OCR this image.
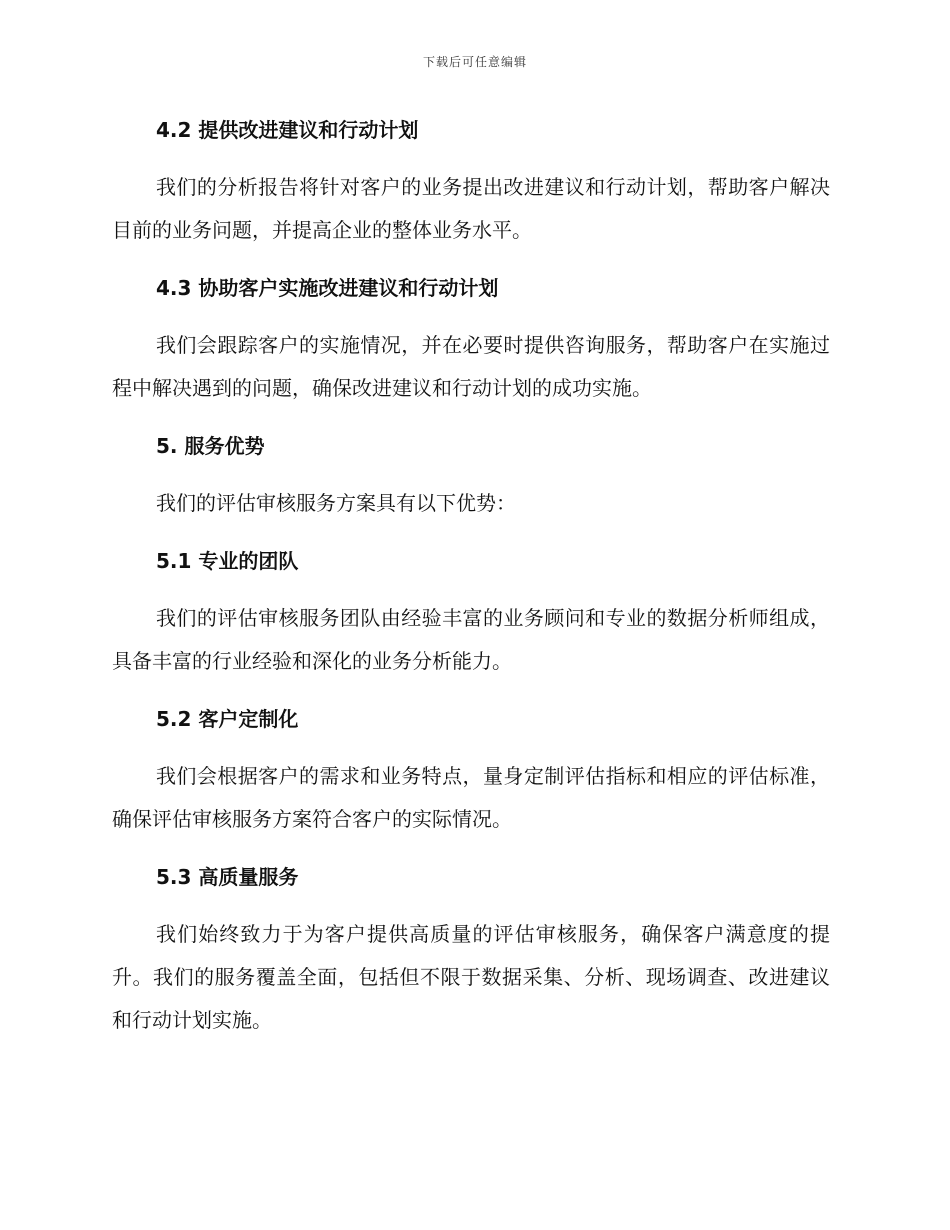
下载后可任意编辑
4.2 提供改进建议和行动计划

我们的分析报告将针对客户的业务提出改进建议和行动计划，帮助客户解决目前的业务问题，并提高企业的整体业务水平。

4.3 协助客户实施改进建议和行动计划

我们会跟踪客户的实施情况，并在必要时提供咨询服务，帮助客户在实施过程中解决遇到的问题，确保改进建议和行动计划的成功实施。

5. 服务优势

我们的评估审核服务方案具有以下优势：

5.1 专业的团队

我们的评估审核服务团队由经验丰富的业务顾问和专业的数据分析师组成，具备丰富的行业经验和深化的业务分析能力。

5.2 客户定制化

我们会根据客户的需求和业务特点，量身定制评估指标和相应的评估标准，确保评估审核服务方案符合客户的实际情况。

5.3 高质量服务

我们始终致力于为客户提供高质量的评估审核服务，确保客户满意度的提升。我们的服务覆盖全面，包括但不限于数据采集、分析、现场调查、改进建议和行动计划实施。
